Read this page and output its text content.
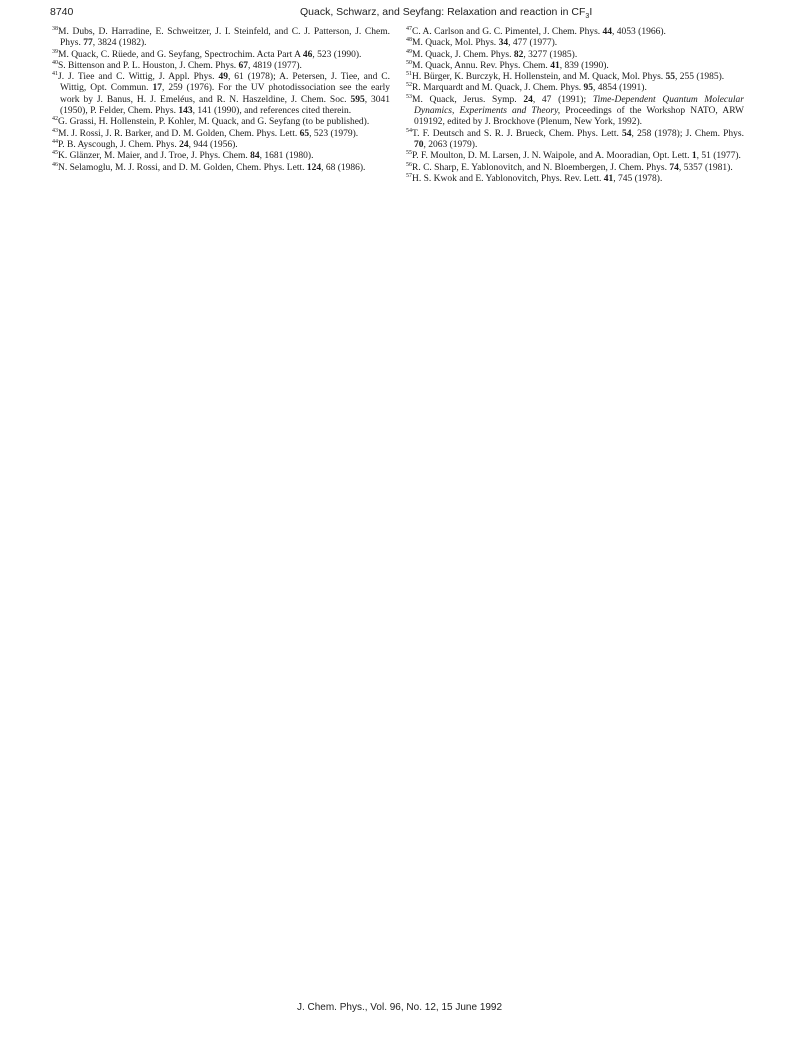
8740	Quack, Schwarz, and Seyfang: Relaxation and reaction in $CF_3I$

$^{38}$M. Dubs, D. Harradine, E. Schweitzer, J. I. Steinfeld, and C. J. Patterson, J. Chem. Phys. 77, 3824 (1982).

$^{39}$M. Quack, C. Rüede, and G. Seyfang, Spectrochim. Acta Part A 46, 523 (1990).

$^{40}$S. Bittenson and P. L. Houston, J. Chem. Phys. 67, 4819 (1977).

$^{41}$J. J. Tiee and C. Wittig, J. Appl. Phys. 49, 61 (1978); A. Petersen, J. Tiee, and C. Wittig, Opt. Commun. 17, 259 (1976). For the UV photodissociation see the early work by J. Banus, H. J. Emeléus, and R. N. Haszeldine, J. Chem. Soc. 595, 3041 (1950), P. Felder, Chem. Phys. 143, 141 (1990), and references cited therein.

$^{42}$G. Grassi, H. Hollenstein, P. Kohler, M. Quack, and G. Seyfang (to be published).

$^{43}$M. J. Rossi, J. R. Barker, and D. M. Golden, Chem. Phys. Lett. 65, 523 (1979).

$^{44}$P. B. Ayscough, J. Chem. Phys. 24, 944 (1956).

$^{45}$K. Glänzer, M. Maier, and J. Troe, J. Phys. Chem. 84, 1681 (1980).

$^{46}$N. Selamoglu, M. J. Rossi, and D. M. Golden, Chem. Phys. Lett. 124, 68 (1986).

$^{47}$C. A. Carlson and G. C. Pimentel, J. Chem. Phys. 44, 4053 (1966).

$^{48}$M. Quack, Mol. Phys. 34, 477 (1977).

$^{49}$M. Quack, J. Chem. Phys. 82, 3277 (1985).

$^{50}$M. Quack, Annu. Rev. Phys. Chem. 41, 839 (1990).

$^{51}$H. Bürger, K. Burczyk, H. Hollenstein, and M. Quack, Mol. Phys. 55, 255 (1985).

$^{52}$R. Marquardt and M. Quack, J. Chem. Phys. 95, 4854 (1991).

$^{53}$M. Quack, Jerus. Symp. 24, 47 (1991); Time-Dependent Quantum Molecular Dynamics, Experiments and Theory, Proceedings of the Workshop NATO, ARW 019192, edited by J. Brockhove (Plenum, New York, 1992).

$^{54}$T. F. Deutsch and S. R. J. Brueck, Chem. Phys. Lett. 54, 258 (1978); J. Chem. Phys. 70, 2063 (1979).

$^{55}$P. F. Moulton, D. M. Larsen, J. N. Waipole, and A. Mooradian, Opt. Lett. 1, 51 (1977).

$^{56}$R. C. Sharp, E. Yablonovitch, and N. Bloembergen, J. Chem. Phys. 74, 5357 (1981).

$^{57}$H. S. Kwok and E. Yablonovitch, Phys. Rev. Lett. 41, 745 (1978).

J. Chem. Phys., Vol. 96, No. 12, 15 June 1992
